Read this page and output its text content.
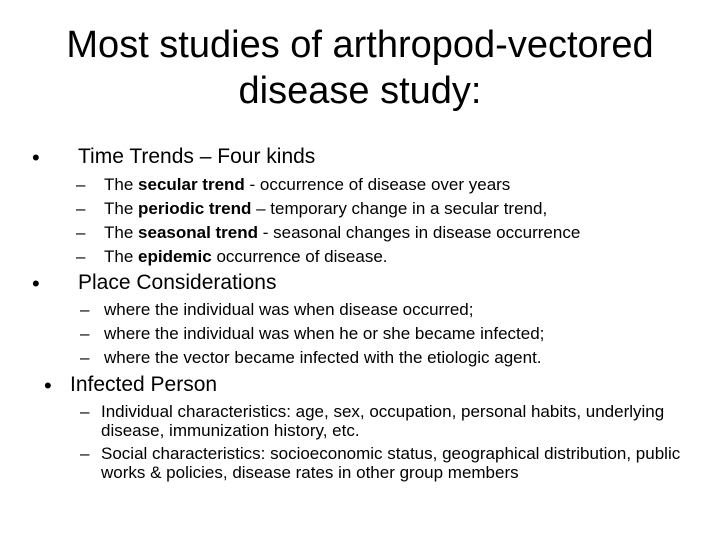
Most studies of arthropod-vectored disease study:
• Time Trends – Four kinds
– The secular trend - occurrence of disease over years
– The periodic trend – temporary change in a secular trend,
– The seasonal trend - seasonal changes in disease occurrence
– The epidemic occurrence of disease.
• Place Considerations
– where the individual was when disease occurred;
– where the individual was when he or she became infected;
– where the vector became infected with the etiologic agent.
• Infected Person
– Individual characteristics: age, sex, occupation, personal habits, underlying disease, immunization history, etc.
– Social characteristics: socioeconomic status, geographical distribution, public works & policies, disease rates in other group members
